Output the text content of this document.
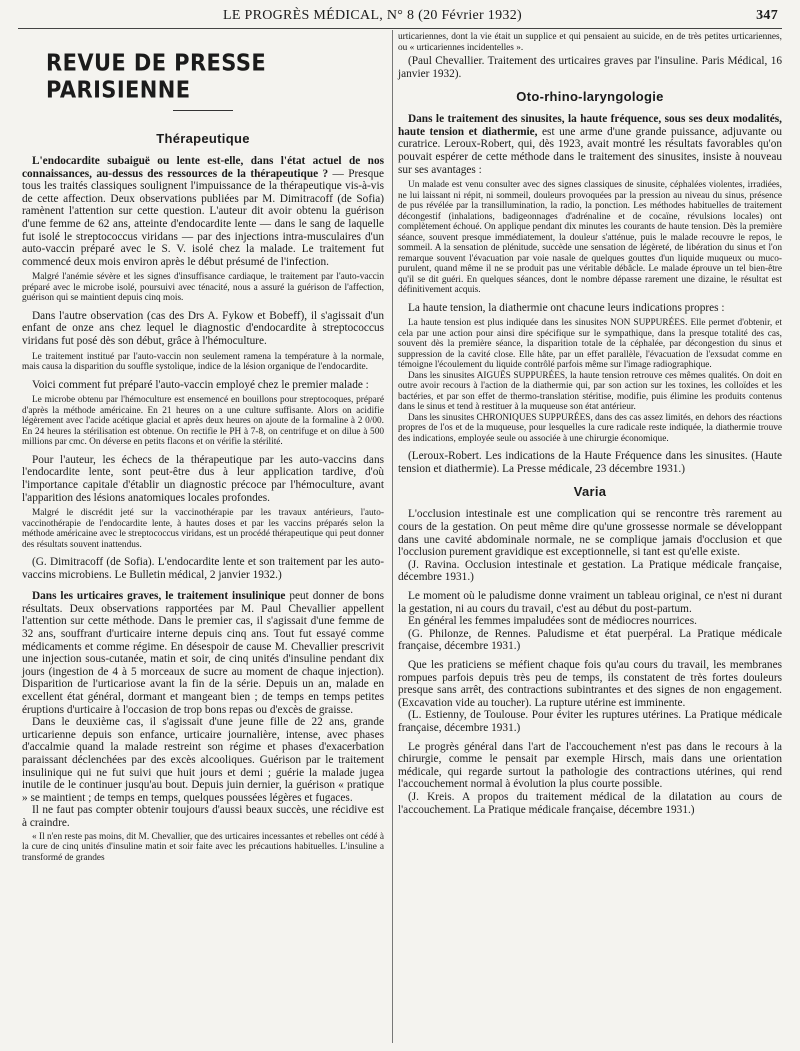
LE PROGRÈS MÉDICAL, N° 8 (20 Février 1932)	347
REVUE DE PRESSE PARISIENNE
Thérapeutique

L'endocardite subaiguë ou lente est-elle, dans l'état actuel de nos connaissances, au-dessus des ressources de la thérapeutique ? — Presque tous les traités classiques soulignent l'impuissance de la thérapeutique vis-à-vis de cette affection. Deux observations publiées par M. Dimitracoff (de Sofia) ramènent l'attention sur cette question. L'auteur dit avoir obtenu la guérison d'une femme de 62 ans, atteinte d'endocardite lente — dans le sang de laquelle fut isolé le streptococcus viridans — par des injections intra-musculaires d'un auto-vaccin préparé avec le S. V. isolé chez la malade. Le traitement fut commencé deux mois environ après le début présumé de l'infection.

Malgré l'anémie sévère et les signes d'insuffisance cardiaque, le traitement par l'auto-vaccin préparé avec le microbe isolé, poursuivi avec ténacité, nous a assuré la guérison de l'affection, guérison qui se maintient depuis cinq mois.

Dans l'autre observation (cas des Drs A. Fykow et Bobeff), il s'agissait d'un enfant de onze ans chez lequel le diagnostic d'endocardite à streptococcus viridans fut posé dès son début, grâce à l'hémoculture.

Le traitement institué par l'auto-vaccin non seulement ramena la température à la normale, mais causa la disparition du souffle systolique, indice de la lésion organique de l'endocardite.

Voici comment fut préparé l'auto-vaccin employé chez le premier malade :

Le microbe obtenu par l'hémoculture est ensemencé en bouillons pour streptocoques, préparé d'après la méthode américaine. En 21 heures on a une culture suffisante. Alors on acidifie légèrement avec l'acide acétique glacial et après deux heures on ajoute de la formaline à 2 0/00. En 24 heures la stérilisation est obtenue. On rectifie le PH à 7-8, on centrifuge et on dilue à 500 millions par cmc. On déverse en petits flacons et on vérifie la stérilité.

Pour l'auteur, les échecs de la thérapeutique par les auto-vaccins dans l'endocardite lente, sont peut-être dus à leur application tardive, d'où l'importance capitale d'établir un diagnostic précoce par l'hémoculture, avant l'apparition des lésions anatomiques locales profondes.

Malgré le discrédit jeté sur la vaccinothérapie par les travaux antérieurs, l'auto-vaccinothérapie de l'endocardite lente, à hautes doses et par les vaccins préparés selon la méthode américaine avec le streptococcus viridans, est un procédé thérapeutique qui peut donner des résultats souvent inattendus.

(G. Dimitracoff (de Sofia). L'endocardite lente et son traitement par les auto-vaccins microbiens. Le Bulletin médical, 2 janvier 1932.)

Dans les urticaires graves, le traitement insulinique peut donner de bons résultats. Deux observations rapportées par M. Paul Chevallier appellent l'attention sur cette méthode. Dans le premier cas, il s'agissait d'une femme de 32 ans, souffrant d'urticaire interne depuis cinq ans. Tout fut essayé comme médicaments et comme régime. En désespoir de cause M. Chevallier prescrivit une injection sous-cutanée, matin et soir, de cinq unités d'insuline pendant dix jours (ingestion de 4 à 5 morceaux de sucre au moment de chaque injection). Disparition de l'urticariose avant la fin de la série. Depuis un an, malade en excellent état général, dormant et mangeant bien ; de temps en temps petites éruptions d'urticaire à l'occasion de trop bons repas ou d'excès de graisse.

Dans le deuxième cas, il s'agissait d'une jeune fille de 22 ans, grande urticarienne depuis son enfance, urticaire journalière, intense, avec phases d'accalmie quand la malade restreint son régime et phases d'exacerbation paraissant déclenchées par des excès alcooliques. Guérison par le traitement insulinique qui ne fut suivi que huit jours et demi ; guérie la malade jugea inutile de le continuer jusqu'au bout. Depuis juin dernier, la guérison « pratique » se maintient ; de temps en temps, quelques poussées légères et fugaces.

Il ne faut pas compter obtenir toujours d'aussi beaux succès, une récidive est à craindre.

« Il n'en reste pas moins, dit M. Chevallier, que des urticaires incessantes et rebelles ont cédé à la cure de cinq unités d'insuline matin et soir faite avec les précautions habituelles. L'insuline a transformé de grandes

urticariennes, dont la vie était un supplice et qui pensaient au suicide, en de très petites urticariennes, ou « urticariennes incidentelles ».

(Paul Chevallier. Traitement des urticaires graves par l'insuline. Paris Médical, 16 janvier 1932).

Oto-rhino-laryngologie

Dans le traitement des sinusites, la haute fréquence, sous ses deux modalités, haute tension et diathermie, est une arme d'une grande puissance, adjuvante ou curatrice. Leroux-Robert, qui, dès 1923, avait montré les résultats favorables qu'on pouvait espérer de cette méthode dans le traitement des sinusites, insiste à nouveau sur ses avantages :

Un malade est venu consulter avec des signes classiques de sinusite, céphalées violentes, irradiées, ne lui laissant ni répit, ni sommeil, douleurs provoquées par la pression au niveau du sinus, présence de pus révélée par la transillumination, la radio, la ponction. Les méthodes habituelles de traitement décongestif (inhalations, badigeonnages d'adrénaline et de cocaïne, révulsions locales) ont complètement échoué. On applique pendant dix minutes les courants de haute tension. Dès la première séance, souvent presque immédiatement, la douleur s'atténue, puis le malade recouvre le repos, le sommeil. A la sensation de plénitude, succède une sensation de légèreté, de libération du sinus et l'on remarque souvent l'évacuation par voie nasale de quelques gouttes d'un liquide muqueux ou muco-purulent, quand même il ne se produit pas une véritable débâcle. Le malade éprouve un tel bien-être qu'il se dit guéri. En quelques séances, dont le nombre dépasse rarement une dizaine, le résultat est définitivement acquis.

La haute tension, la diathermie ont chacune leurs indications propres :

La haute tension est plus indiquée dans les sinusites NON SUPPURÉES. Elle permet d'obtenir, et cela par une action pour ainsi dire spécifique sur le sympathique, dans la presque totalité des cas, souvent dès la première séance, la disparition totale de la céphalée, par décongestion du sinus et suppression de la cavité close. Elle hâte, par un effet parallèle, l'évacuation de l'exsudat comme en témoigne l'écoulement du liquide contrôlé parfois même sur l'image radiographique.

Dans les sinusites AIGUËS SUPPURÉES, la haute tension retrouve ces mêmes qualités. On doit en outre avoir recours à l'action de la diathermie qui, par son action sur les toxines, les colloïdes et les bactéries, et par son effet de thermo-translation stéritise, modifie, puis élimine les produits contenus dans le sinus et tend à restituer à la muqueuse son état antérieur.

Dans les sinusites CHRONIQUES SUPPURÉES, dans des cas assez limités, en dehors des réactions propres de l'os et de la muqueuse, pour lesquelles la cure radicale reste indiquée, la diathermie trouve des indications, employée seule ou associée à une chirurgie économique.

(Leroux-Robert. Les indications de la Haute Fréquence dans les sinusites. (Haute tension et diathermie). La Presse médicale, 23 décembre 1931.)

Varia

L'occlusion intestinale est une complication qui se rencontre très rarement au cours de la gestation. On peut même dire qu'une grossesse normale se développant dans une cavité abdominale normale, ne se complique jamais d'occlusion et que l'occlusion purement gravidique est exceptionnelle, si tant est qu'elle existe.

(J. Ravina. Occlusion intestinale et gestation. La Pratique médicale française, décembre 1931.)

Le moment où le paludisme donne vraiment un tableau original, ce n'est ni durant la gestation, ni au cours du travail, c'est au début du post-partum.

En général les femmes impaludées sont de médiocres nourrices.

(G. Philonze, de Rennes. Paludisme et état puerpéral. La Pratique médicale française, décembre 1931.)

Que les praticiens se méfient chaque fois qu'au cours du travail, les membranes rompues parfois depuis très peu de temps, ils constatent de très fortes douleurs presque sans arrêt, des contractions subintrantes et des signes de non engagement. (Excavation vide au toucher). La rupture utérine est imminente.

(L. Estienny, de Toulouse. Pour éviter les ruptures utérines. La Pratique médicale française, décembre 1931.)

Le progrès général dans l'art de l'accouchement n'est pas dans le recours à la chirurgie, comme le pensait par exemple Hirsch, mais dans une orientation médicale, qui regarde surtout la pathologie des contractions utérines, qui rend l'accouchement normal à évolution la plus courte possible.

(J. Kreis. A propos du traitement médical de la dilatation au cours de l'accouchement. La Pratique médicale française, décembre 1931.)
